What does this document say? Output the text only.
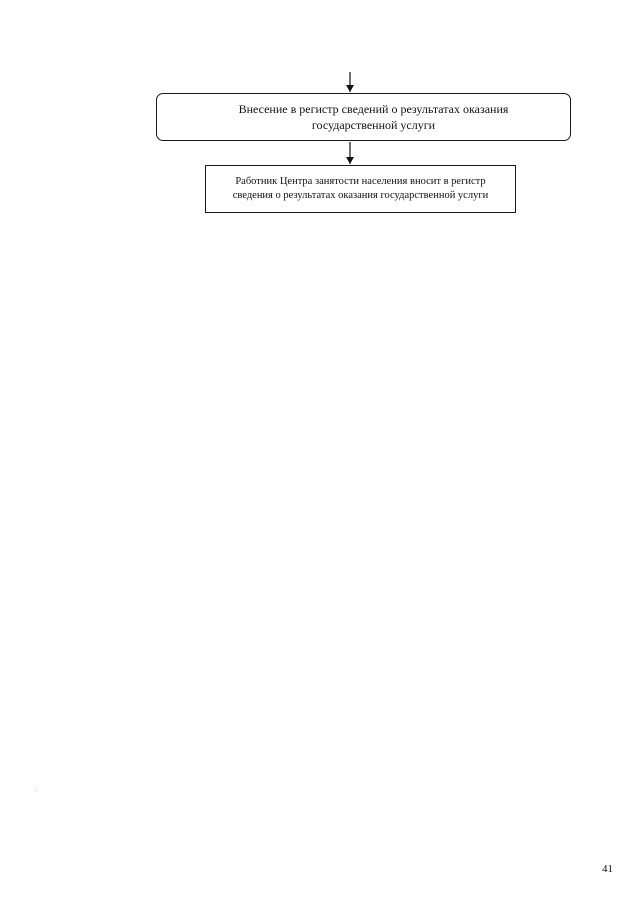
Внесение в регистр сведений о результатах оказания государственной услуги
Работник Центра занятости населения вносит в регистр сведения о результатах оказания государственной услуги
41
